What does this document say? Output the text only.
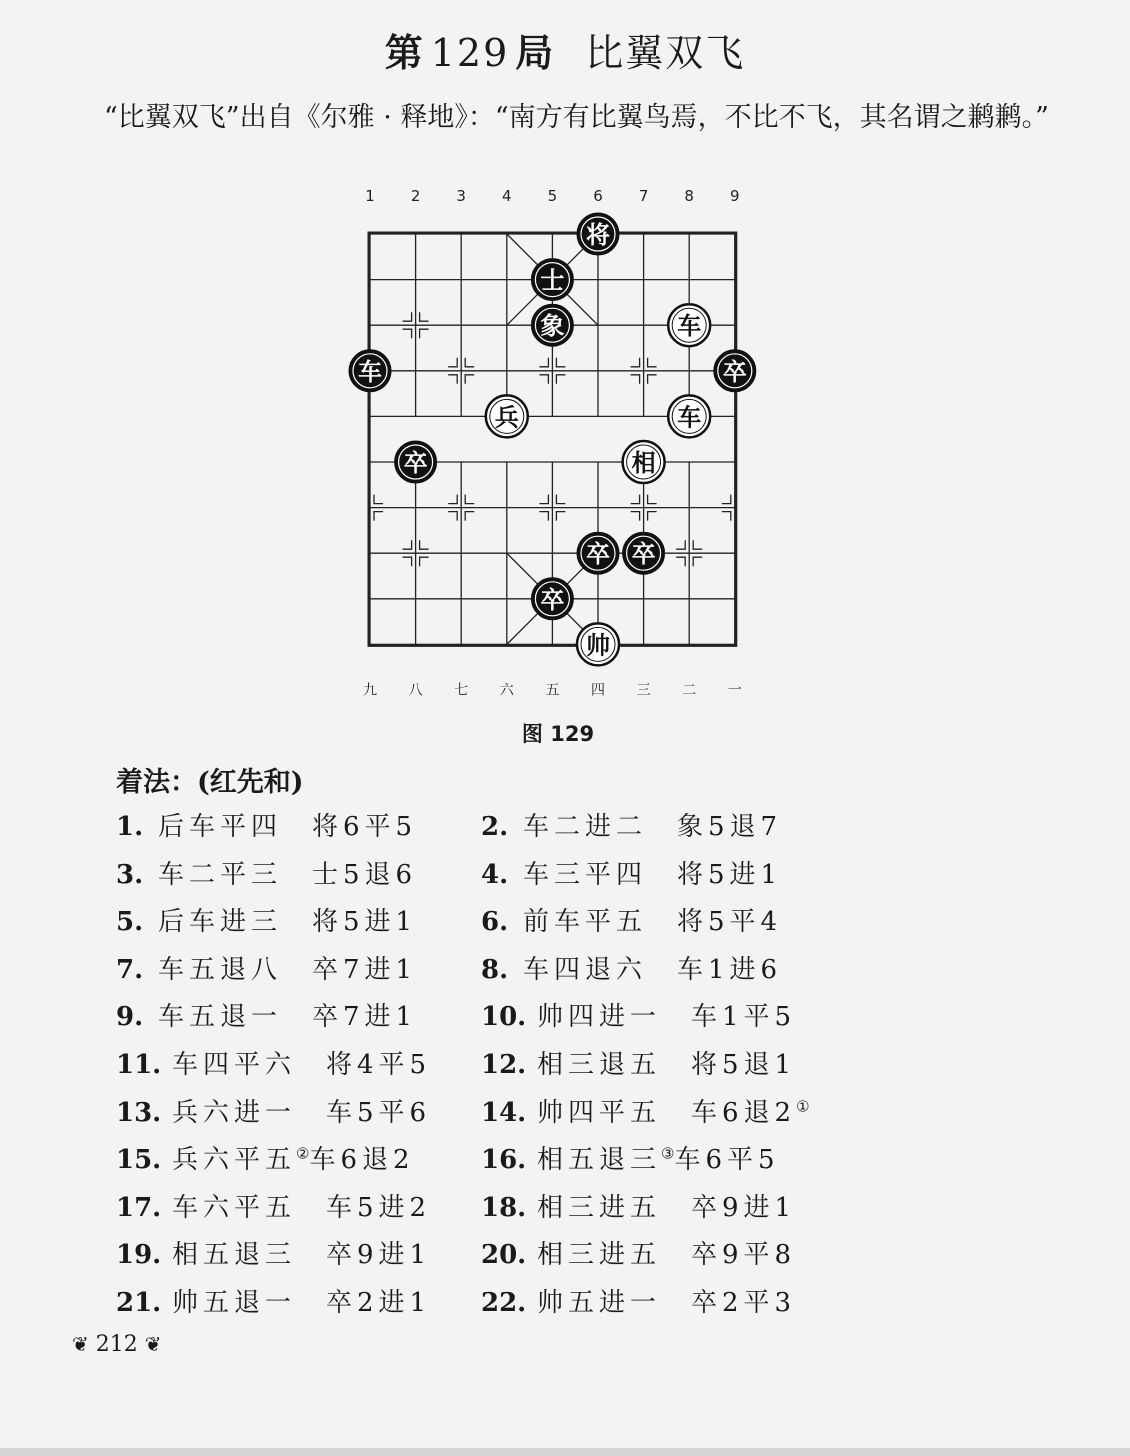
第 129 局 比翼双飞
“比翼双飞”出自《尔雅 · 释地》：“南方有比翼鸟焉，不比不飞，其名谓之鹣鹣。”
1 2 3 4 5 6 7 8 9
九 八 七 六 五 四 三 二 一
将
士
象	车
车	卒
兵	车
卒	相
卒 卒
卒
帅
图 129
着法：(红先和)
1. 后车平四 将6平5 2. 车二进二 象5退7
3. 车二平三 士5退6 4. 车三平四 将5进1
5. 后车进三 将5进1 6. 前车平五 将5平4
7. 车五退八 卒7进1 8. 车四退六 车1进6
9. 车五退一 卒7进1 10. 帅四进一 车1平5
11. 车四平六 将4平5 12. 相三退五 将5退1
13. 兵六进一 车5平6 14. 帅四平五 车6退2①
15. 兵六平五②车6退2	16. 相五退三③车6平5
17. 车六平五 车5进2 18. 相三进五 卒9进1
19. 相五退三 卒9进1 20. 相三进五 卒9平8
21. 帅五退一 卒2进1 22. 帅五进一 卒2平3
❦ 212 ❦
